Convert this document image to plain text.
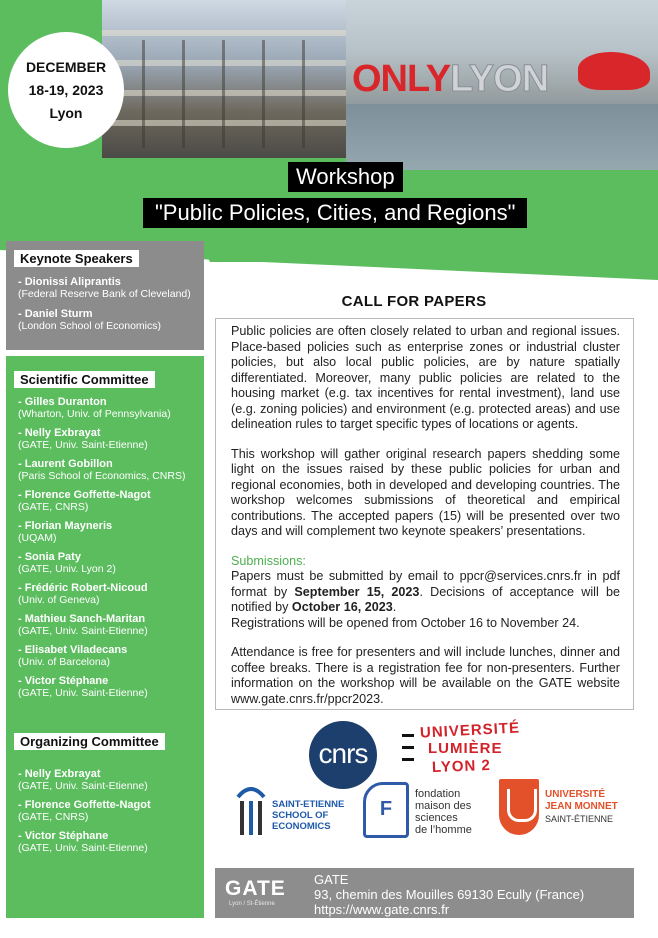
ONLYLYON
DECEMBER
18-19, 2023
Lyon
Workshop
"Public Policies, Cities, and Regions"
Keynote Speakers
- Dionissi Aliprantis
(Federal Reserve Bank of Cleveland)
- Daniel Sturm
(London School of Economics)
Scientific Committee
- Gilles Duranton
(Wharton, Univ. of Pennsylvania)
- Nelly Exbrayat
(GATE, Univ. Saint-Etienne)
- Laurent Gobillon
(Paris School of Economics, CNRS)
- Florence Goffette-Nagot
(GATE, CNRS)
- Florian Mayneris
(UQAM)
- Sonia Paty
(GATE, Univ. Lyon 2)
- Frédéric Robert-Nicoud
(Univ. of Geneva)
- Mathieu Sanch-Maritan
(GATE, Univ. Saint-Etienne)
- Elisabet Viladecans
(Univ. of Barcelona)
- Victor Stéphane
(GATE, Univ. Saint-Etienne)
Organizing Committee
- Nelly Exbrayat
(GATE, Univ. Saint-Etienne)
- Florence Goffette-Nagot
(GATE, CNRS)
- Victor Stéphane
(GATE, Univ. Saint-Etienne)
CALL FOR PAPERS

Public policies are often closely related to urban and regional issues. Place-based policies such as enterprise zones or industrial cluster policies, but also local public policies, are by nature spatially differentiated. Moreover, many public policies are related to the housing market (e.g. tax incentives for rental investment), land use (e.g. zoning policies) and environment (e.g. protected areas) and use delineation rules to target specific types of locations or agents.

This workshop will gather original research papers shedding some light on the issues raised by these public policies for urban and regional economies, both in developed and developing countries. The workshop welcomes submissions of theoretical and empirical contributions. The accepted papers (15) will be presented over two days and will complement two keynote speakers’ presentations.

Submissions:
Papers must be submitted by email to ppcr@services.cnrs.fr in pdf format by September 15, 2023. Decisions of acceptance will be notified by October 16, 2023.
Registrations will be opened from October 16 to November 24.

Attendance is free for presenters and will include lunches, dinner and coffee breaks. There is a registration fee for non-presenters. Further information on the workshop will be available on the GATE website www.gate.cnrs.fr/ppcr2023.

cnrs
UNIVERSITÉ
LUMIÈRE
LYON 2
SAINT-ETIENNE
SCHOOL OF
ECONOMICS
F
fondation
maison des
sciences
de l’homme
UNIVERSITÉ
JEAN MONNET
SAINT-ÉTIENNE
GATE
Lyon / St-Étienne
GATE
93, chemin des Mouilles 69130 Ecully (France)
https://www.gate.cnrs.fr
